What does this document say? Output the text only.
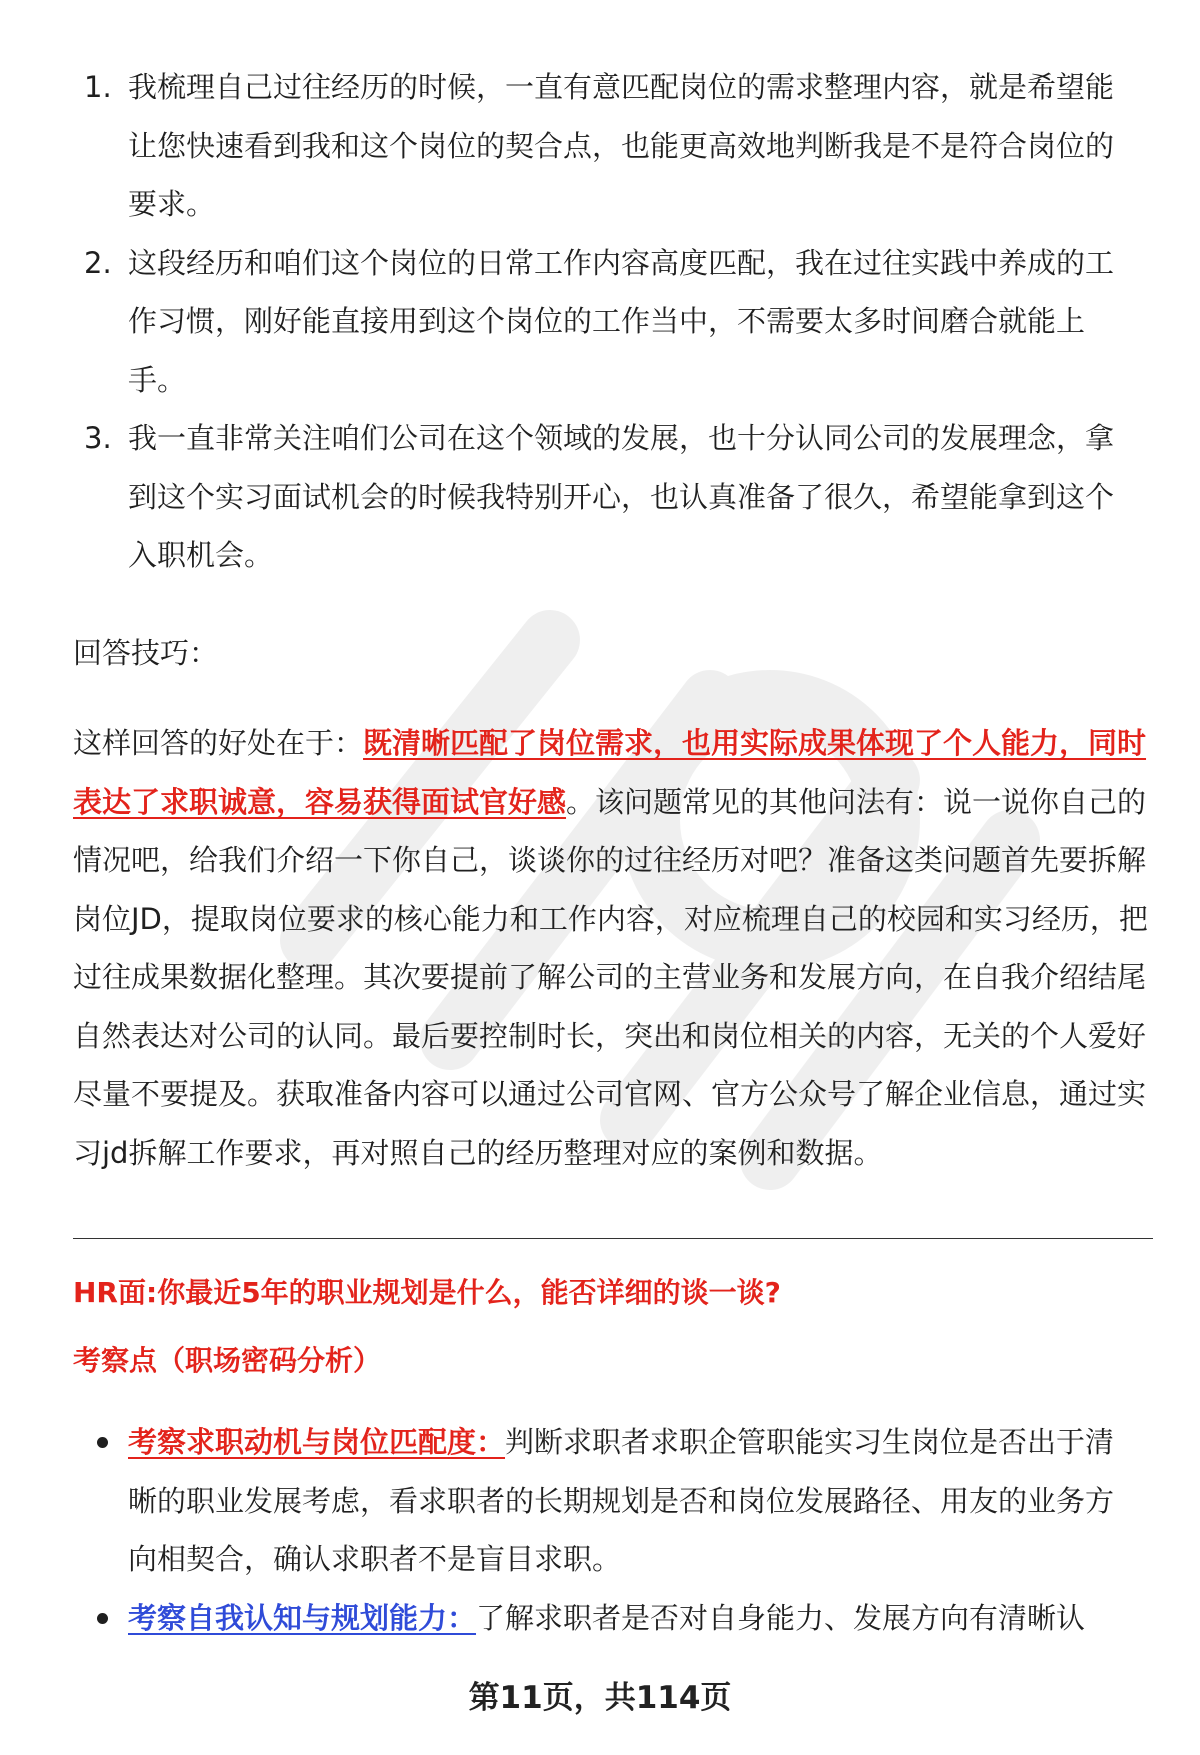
1. 我梳理自己过往经历的时候，一直有意匹配岗位的需求整理内容，就是希望能让您快速看到我和这个岗位的契合点，也能更高效地判断我是不是符合岗位的要求。
2. 这段经历和咱们这个岗位的日常工作内容高度匹配，我在过往实践中养成的工作习惯，刚好能直接用到这个岗位的工作当中，不需要太多时间磨合就能上手。
3. 我一直非常关注咱们公司在这个领域的发展，也十分认同公司的发展理念，拿到这个实习面试机会的时候我特别开心，也认真准备了很久，希望能拿到这个入职机会。

回答技巧：

这样回答的好处在于：既清晰匹配了岗位需求，也用实际成果体现了个人能力，同时表达了求职诚意，容易获得面试官好感。该问题常见的其他问法有：说一说你自己的情况吧，给我们介绍一下你自己，谈谈你的过往经历对吧？准备这类问题首先要拆解岗位JD，提取岗位要求的核心能力和工作内容，对应梳理自己的校园和实习经历，把过往成果数据化整理。其次要提前了解公司的主营业务和发展方向，在自我介绍结尾自然表达对公司的认同。最后要控制时长，突出和岗位相关的内容，无关的个人爱好尽量不要提及。获取准备内容可以通过公司官网、官方公众号了解企业信息，通过实习jd拆解工作要求，再对照自己的经历整理对应的案例和数据。

HR面:你最近5年的职业规划是什么，能否详细的谈一谈?
考察点（职场密码分析）
考察求职动机与岗位匹配度：判断求职者求职企管职能实习生岗位是否出于清晰的职业发展考虑，看求职者的长期规划是否和岗位发展路径、用友的业务方向相契合，确认求职者不是盲目求职。
考察自我认知与规划能力：了解求职者是否对自身能力、发展方向有清晰认
第11页，共114页
